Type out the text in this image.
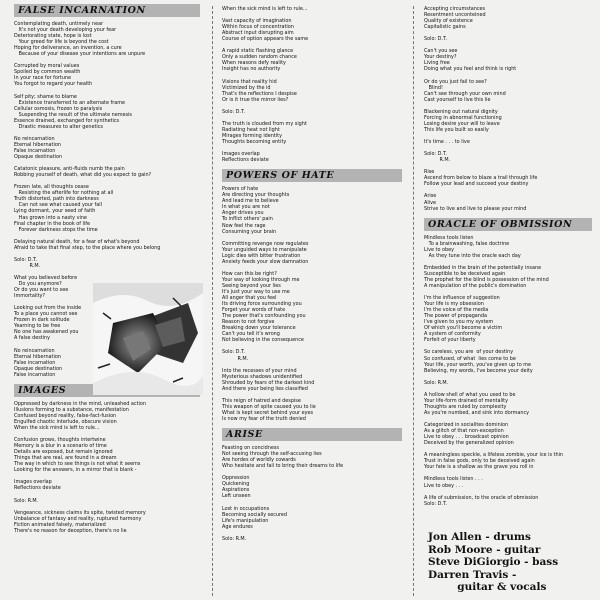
FALSE INCARNATION
Contemplating death, untimely near
It's not your death developing your fear
Deteriorating state, hope is lost
Your greed for life is beyond the cost
Hoping for deliverance, an invention, a cure
Because of your disease your intentions are unpure

Corrupted by moral values
Spoiled by common wealth
In your race for fortune
You forgot to regard your health

Self pity; shame to blame
Existence transferred to an alternate frame
Cellular osmosis, frozen to paralysis
Suspending the result of the ultimate nemesis
Essence drained, exchanged for synthetics
Drastic measures to alter genetics

No reincarnation
Eternal hibernation
False incarnation
Opaque destination

Catatonic pleasure, anti-fluids numb the pain
Robbing yourself of death, what did you expect to gain?

Frozen late, all thoughts cease
Resisting the afterlife for nothing at all
Truth distorted, path into darkness
Can not see what caused your fall
Lying dormant, your seed of faith
Has grown into a nasty vine
Final chapter in the book of life
Forever darkness stops the time

Delaying natural death, for a fear of what's beyond
Afraid to take that final step, to the place where you belong

Solo: D.T.
R.M.

What you believed before
Do you anymore?
Or do you want to see
Immortality?

Looking out from the inside
To a place you cannot see
Frozen in dark solitude
Yearning to be free
No one has awakened you
A false destiny

No reincarnation
Eternal hibernation
False incarnation
Opaque destination
False incarnation
IMAGES
Oppressed by darkness in the mind, unleashed action
Illusions forming to a substance, manifestation
Confused beyond reality, false-fact-fusion
Engulfed chaotic interlude, obscure vision
When the sick mind is left to rule...

Confusion grows, thoughts intertwine
Memory is a blur in a scenario of time
Details are exposed, but remain ignored
Things that are real, are found in a dream
The way in which to see things is not what it seems
Looking for the answers, in a mirror that is blank -

Images overlap
Reflections deviate

Solo: R.M.

Vengeance, sickness claims its spite, twisted memory
Unbalance of fantasy and reality, ruptured harmony
Fiction animated falsely, materialized
There's no reason for deception, there's no lie
When the sick mind is left to rule...

Vast capacity of imagination
Within focus of concentration
Abstract input disrupting aim
Course of option appears the same

A rapid static flashing glance
Only a sudden random chance
When reasons defy reality
Insight has no authority

Visions that reality hid
Victimized by the id
That's the reflections I despise
Or is it true the mirror lies?

Solo: D.T.

The truth is clouded from my sight
Radiating heat not light
Mirages forming identity
Thoughts becoming entity

Images overlap
Reflections deviate
POWERS OF HATE
Powers of hate
Are directing your thoughts
And lead me to believe
In what you are not
Anger drives you
To inflict others' pain
Now feel the rage
Consuming your brain

Committing revenge now regulates
Your unguided ways to manipulate
Logic dies with bitter frustration
Anxiety feeds your slow damnation

How can this be right?
Your way of looking through me
Seeing beyond your lies
It's just your way to use me
All anger that you feel
Its driving force surrounding you
Forget your words of hate
The power that's confounding you
Reason to not forgive
Breaking down your tolerance
Can't you tell it's wrong
Not believing in the consequence

Solo: D.T.
R.M.

Into the recesses of your mind
Mysterious shadows unidentified
Shrouded by fears of the darkest kind
And there your being lies classified

This reign of hatred and despise
This weapon of spite caused you to lie
What is kept secret behind your eyes
Is now my fear of the truth denied
ARISE
Feasting on concidness
Not seeing through the self-accusing lies
Are hordes of worldly cowards
Who hesitate and fail to bring their dreams to life

Oppression
Quickening
Aspirations
Left unseen

Lost in occupations
Becoming socially secured
Life's manipulation
Age endures

Solo: R.M.
Accepting circumstances
Resentment unconteined
Quality of existence
Capitalistic gains

Solo: D.T.

Can't you see
Your destiny?
Living free
Doing what you feel and think is right

Or do you just fail to see?
Blind!
Can't see through your own mind
Cast yourself to live this lie

Blackening out natural dignity
Forcing in abnormal functioning
Losing desire your will to leave
This life you built so easily

It's time . . . to live

Solo: D.T.
R.M.

Rise
Ascend from below to blaze a trail through life
Follow your lead and succeed your destiny

Arise
Alive
Strive to live and live to please your mind
ORACLE OF OBMISSION
Mindless tools listen
To a brainwashing, false doctrine
Live to obey
As they tune into the oracle each day

Embedded in the brain of the potentially insane
Susceptible to be deceived again
The prophet for the blind is possession of the mind
A manipulation of the public's domination

I'm the influence of suggestion
Your life is my obsession
I'm the voice of the media
The power of propaganda
I've given to you my system
Of which you'll become a victim
A system of conformity
Forfeit of your liberty

So careless, you are  of your destiny
So confused, of what  lies come to be
Your life, your worth, you've given up to me
Believing, my words, I've become your deity

Solo: R.M.

A hollow shell of what you used to be
Your life-form drained of mentality
Thoughts are ruled by complexity
As you're numbed, and sink into dormancy

Categorized in socialites dominion
As a glitch of that non-exception
Live to obey . . . broadcast opinion
Deceived by the generalized opinion

A meaningless speckle, a lifeless zombie, your ice is thin
Trust in false gods, only to be deceived again
Your fate is a shallow as the grave you roll in

Mindless tools listen . . .
Live to obey . . .

A life of submission, to the oracle of obmission
Solo: D.T.
Jon Allen - drums
Rob Moore - guitar
Steve DiGiorgio - bass
Darren Travis -
guitar & vocals
